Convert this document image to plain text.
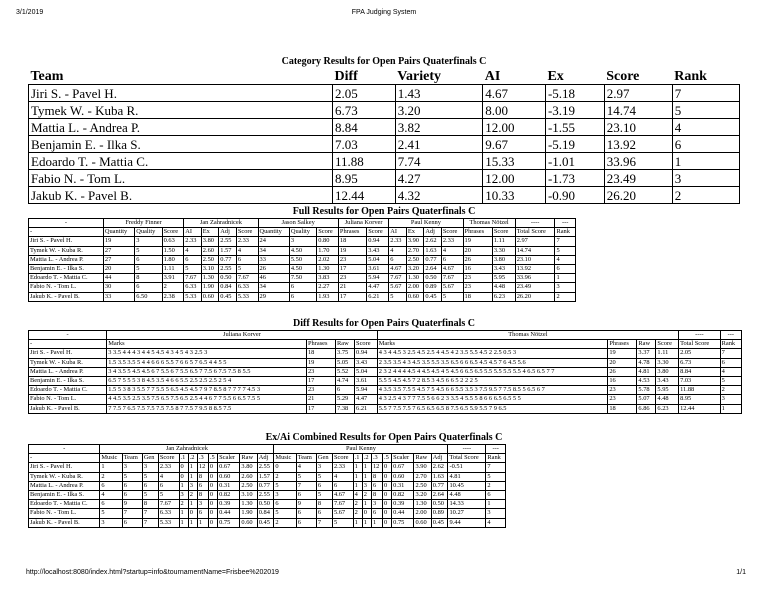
3/1/2019	FPA Judging System
Category Results for Open Pairs Quaterfinals C
Team	Diff	Variety	AI	Ex	Score	Rank
Jiri S. - Pavel H.	2.05	1.43	4.67	-5.18	2.97	7
Tymek W. - Kuba R.	6.73	3.20	8.00	-3.19	14.74	5
Mattia L. - Andrea P.	8.84	3.82	12.00	-1.55	23.10	4
Benjamin E. - Ilka S.	7.03	2.41	9.67	-5.19	13.92	6
Edoardo T. - Mattia C.	11.88	7.74	15.33	-1.01	33.96	1
Fabio N. - Tom L.	8.95	4.27	12.00	-1.73	23.49	3
Jakub K. - Pavel B.	12.44	4.32	10.33	-0.90	26.20	2
Full Results for Open Pairs Quaterfinals C
-	Freddy Finner			Jan Zahradnicek				Jason Salkey			Juliana Korver		Paul Kenny				Thomas Nötzel		----	---
-	Quantity	Quality	Score	AI	Ex	Adj	Score	Quantity	Quality	Score	Phrases	Score	AI	Ex	Adj	Score	Phrases	Score	Total Score	Rank
Jiri S. - Pavel H.	19	3	0.63	2.33	3.80	2.55	2.33	24	3	0.80	18	0.94	2.33	3.90	2.62	2.33	19	1.11	2.97	7
Tymek W. - Kuba R.	27	5	1.50	4	2.60	1.57	4	34	4.50	1.70	19	3.43	4	2.70	1.63	4	20	3.30	14.74	5
Mattia L. - Andrea P.	27	6	1.80	6	2.50	0.77	6	33	5.50	2.02	23	5.04	6	2.50	0.77	6	26	3.80	23.10	4
Benjamin E. - Ilka S.	20	5	1.11	5	3.10	2.55	5	26	4.50	1.30	17	3.61	4.67	3.20	2.64	4.67	16	3.43	13.92	6
Edoardo T. - Mattia C.	44	8	3.91	7.67	1.30	0.50	7.67	46	7.50	3.83	23	5.94	7.67	1.30	0.50	7.67	23	5.95	33.96	1
Fabio N. - Tom L.	30	6	2	6.33	1.90	0.84	6.33	34	6	2.27	21	4.47	5.67	2.00	0.89	5.67	23	4.48	23.49	3
Jakub K. - Pavel B.	33	6.50	2.38	5.33	0.60	0.45	5.33	29	6	1.93	17	6.21	5	0.60	0.45	5	18	6.23	26.20	2
Diff Results for Open Pairs Quaterfinals C
-	Juliana Korver				Thomas Nötzel				----	---
-	Marks	Phrases	Raw	Score	Marks	Phrases	Raw	Score	Total Score	Rank
Jiri S. - Pavel H.	3 3.5 4 4 4 3 4 4 5 4.5 4 3 4 5 4 3 2.5 3	18	3.75	0.94	4 3 4 4.5 3 2.5 4.5 2.5 4 4.5 4 2 3.5 5.5 4.5 2 2.5 0.5 3	19	3.37	1.11	2.05	7
Tymek W. - Kuba R.	1.5 3.5 3.5 5 4 4 6 6 6 5.5 7 6 6 5 7 6.5 4 4 5 5	19	5.05	3.43	2 3.5 3.5 4 3 4.5 3.5 5.5 3.5 6.5 6 6 6.5 4.5 4.5 7 6 4.5 5.6	20	4.78	3.30	6.73	6
Mattia L. - Andrea P.	3 4 3.5 5 4.5 4.5 6 7 5.5 6 7 5.5 6.5 7 7.5 6 7.5 7.5 8 5.5	23	5.52	5.04	2 3 2 4 4 4 4.5 4 4.5 4.5 4 5 4.5 6 6.5 6.5 5.5 5.5 5.5 5.5 4 6.5 6.5 7 7	26	4.81	3.80	8.84	4
Benjamin E. - Ilka S.	6.5 7 5 5 5 3 8 4.5 3.5 4 6 6 5.5 2.5 2.5 2.5 2 5 4	17	4.74	3.61	5.5 5 4.5 4.5 7 2 8.5 3 4.5 6 6 5 2 2 2 5	16	4.53	3.43	7.03	5
Edoardo T. - Mattia C.	1.5 5 3 8 3 5.5 7 7 5.5 5 6.5 4.5 4.5 7 9 7 8.5 8 7 7 7 7 4.5 3	23	6	5.94	4 3.5 3.5 7.5 5 4.5 7 5 4.5 6 6 5.5 3.5 3 7.5 9.5 7 7.5 8.5 5 6.5 6 7	23	5.78	5.95	11.88	2
Fabio N. - Tom L.	4 4.5 3.5 2.5 3.5 7.5 6.5 7.5 6.5 2.5 4 4 6 7 7 5.5 6 6.5 7.5 5	21	5.29	4.47	4 3 2.5 4 3 7 7 7.5 5 6 6 2 3 3.5 4 5.5 5 8 6 6 6.5 6.5 5 5	23	5.07	4.48	8.95	3
Jakub K. - Pavel B.	7 7.5 7 6.5 7.5 7.5 7.5 7.5 8 7 7.5 7 9.5 8 8.5 7.5	17	7.38	6.21	5.5 7 7.5 7.5 7 6.5 6.5 6.5 8 7.5 6.5 5.9 5.5 7 9 6.5	18	6.86	6.23	12.44	1
Ex/Ai Combined Results for Open Pairs Quaterfinals C
-	Jan Zahradnicek											Paul Kenny											----	---
-	Music	Team	Gen	Score	.1	.2	.3	.5	Scaler	Raw	Adj	Music	Team	Gen	Score	.1	.2	.3	.5	Scaler	Raw	Adj	Total Score	Rank
Jiri S. - Pavel H.	1	3	3	2.33	0	1	12	0	0.67	3.80	2.55	0	4	3	2.33	1	1	12	0	0.67	3.90	2.62	-0.51	7
Tymek W. - Kuba R.	2	5	5	4	0	1	8	0	0.60	2.60	1.57	2	5	5	4	1	1	8	0	0.60	2.70	1.63	4.81	5
Mattia L. - Andrea P.	6	6	6	6	1	3	6	0	0.31	2.50	0.77	5	7	6	6	1	3	6	0	0.31	2.50	0.77	10.45	2
Benjamin E. - Ilka S.	4	6	5	5	3	2	8	0	0.82	3.10	2.55	3	6	5	4.67	4	2	8	0	0.82	3.20	2.64	4.48	6
Edoardo T. - Mattia C.	6	9	8	7.67	2	1	3	0	0.39	1.30	0.50	6	9	8	7.67	2	1	3	0	0.39	1.30	0.50	14.33	1
Fabio N. - Tom L.	5	7	7	6.33	1	0	6	0	0.44	1.90	0.84	5	6	6	5.67	2	0	6	0	0.44	2.00	0.89	10.27	3
Jakub K. - Pavel B.	3	6	7	5.33	1	1	1	0	0.75	0.60	0.45	2	6	7	5	1	1	1	0	0.75	0.60	0.45	9.44	4
http://localhost:8080/index.html?startup=info&tournamentName=Frisbee%202019	1/1
